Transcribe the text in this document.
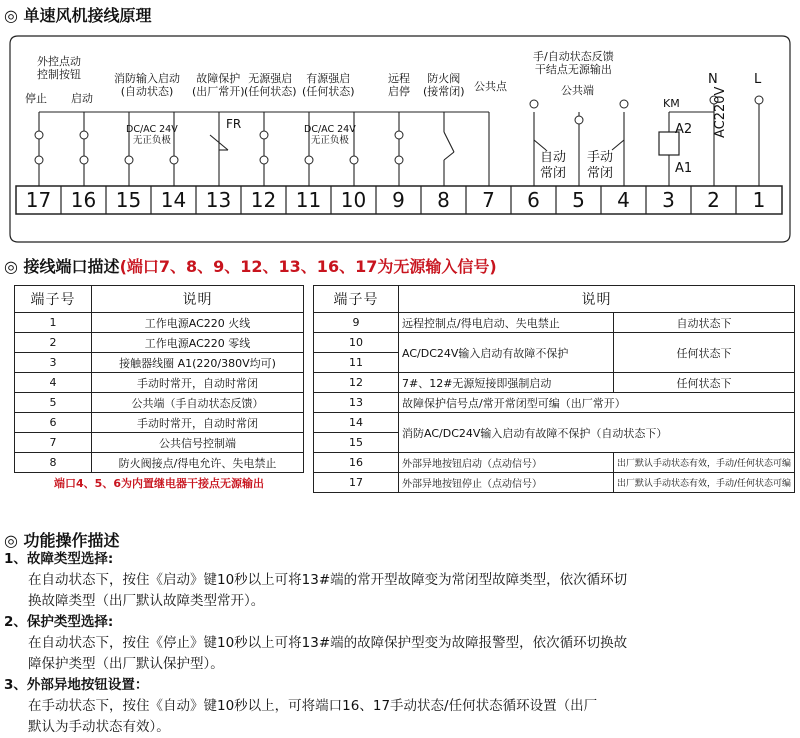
◎ 单速风机接线原理
外控点动
控制按钮
停止 启动
消防输入启动
(自动状态)
故障保护
(出厂常开)
无源强启
(任何状态)
有源强启
(任何状态)
远程
启停
防火阀
(接常闭) 公共点
手/自动状态反馈
干结点无源输出
公共端
N	L
KM
A2
A1
AC220V
DC/AC 24V
无正负极
DC/AC 24V
无正负极
FR
自动
常闭
手动
常闭
17 16 15 14 13 12 11 10	9	8	7	6	5	4	3	2	1
◎ 接线端口描述(端口7、8、9、12、13、16、17为无源输入信号)
端子号	说明
1	工作电源AC220 火线
2	工作电源AC220 零线
3	接触器线圈 A1(220/380V均可)
4	手动时常开，自动时常闭
5	公共端（手自动状态反馈）
6	手动时常开，自动时常闭
7	公共信号控制端
8	防火阀接点/得电允许、失电禁止
端口4、5、6为内置继电器干接点无源输出	
端子号	说明	
9	远程控制点/得电启动、失电禁止	自动状态下
10	AC/DC24V输入启动有故障不保护	任何状态下
11		
12	7#、12#无源短接即强制启动	任何状态下
13	故障保护信号点/常开常闭型可编（出厂常开）	
14	消防AC/DC24V输入启动有故障不保护（自动状态下）	
15		
16	外部异地按钮启动（点动信号）	出厂默认手动状态有效，手动/任何状态可编
17	外部异地按钮停止（点动信号）	出厂默认手动状态有效，手动/任何状态可编
◎ 功能操作描述
1、故障类型选择:
在自动状态下，按住《启动》键10秒以上可将13#端的常开型故障变为常闭型故障类型，依次循环切
换故障类型（出厂默认故障类型常开）。
2、保护类型选择:
在自动状态下，按住《停止》键10秒以上可将13#端的故障保护型变为故障报警型，依次循环切换故
障保护类型（出厂默认保护型）。
3、外部异地按钮设置：
在手动状态下，按住《自动》键10秒以上，可将端口16、17手动状态/任何状态循环设置（出厂
默认为手动状态有效）。
